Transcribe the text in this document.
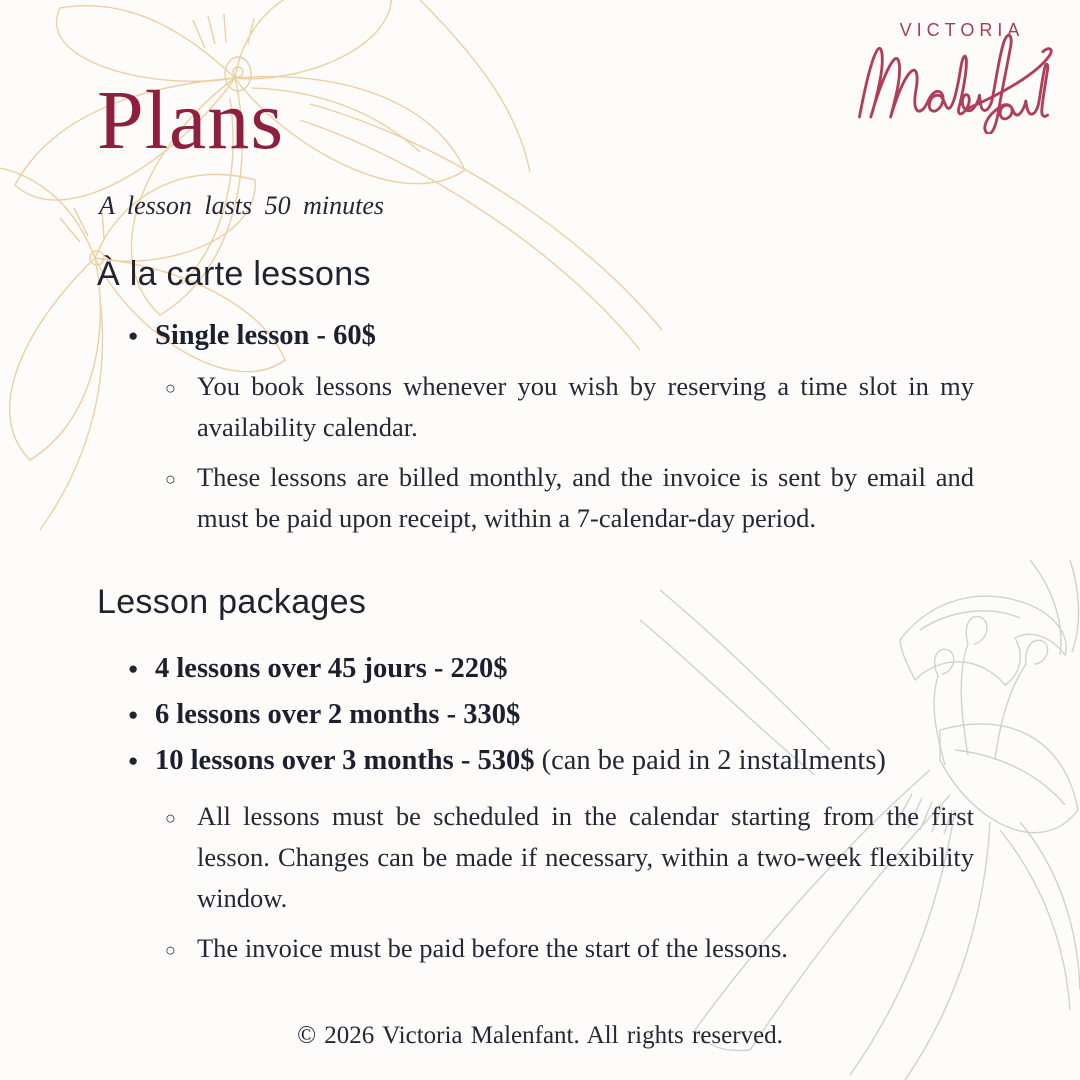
VICTORIA
Plans

A lesson lasts 50 minutes

À la carte lessons
● Single lesson - 60$

○ You book lessons whenever you wish by reserving a time slot in my availability calendar.

○ These lessons are billed monthly, and the invoice is sent by email and must be paid upon receipt, within a 7-calendar-day period.

Lesson packages
● 4 lessons over 45 jours - 220$
● 6 lessons over 2 months - 330$
● 10 lessons over 3 months - 530$ (can be paid in 2 installments)

○ All lessons must be scheduled in the calendar starting from the first lesson. Changes can be made if necessary, within a two-week flexibility window.

○ The invoice must be paid before the start of the lessons.

© 2026 Victoria Malenfant. All rights reserved.
